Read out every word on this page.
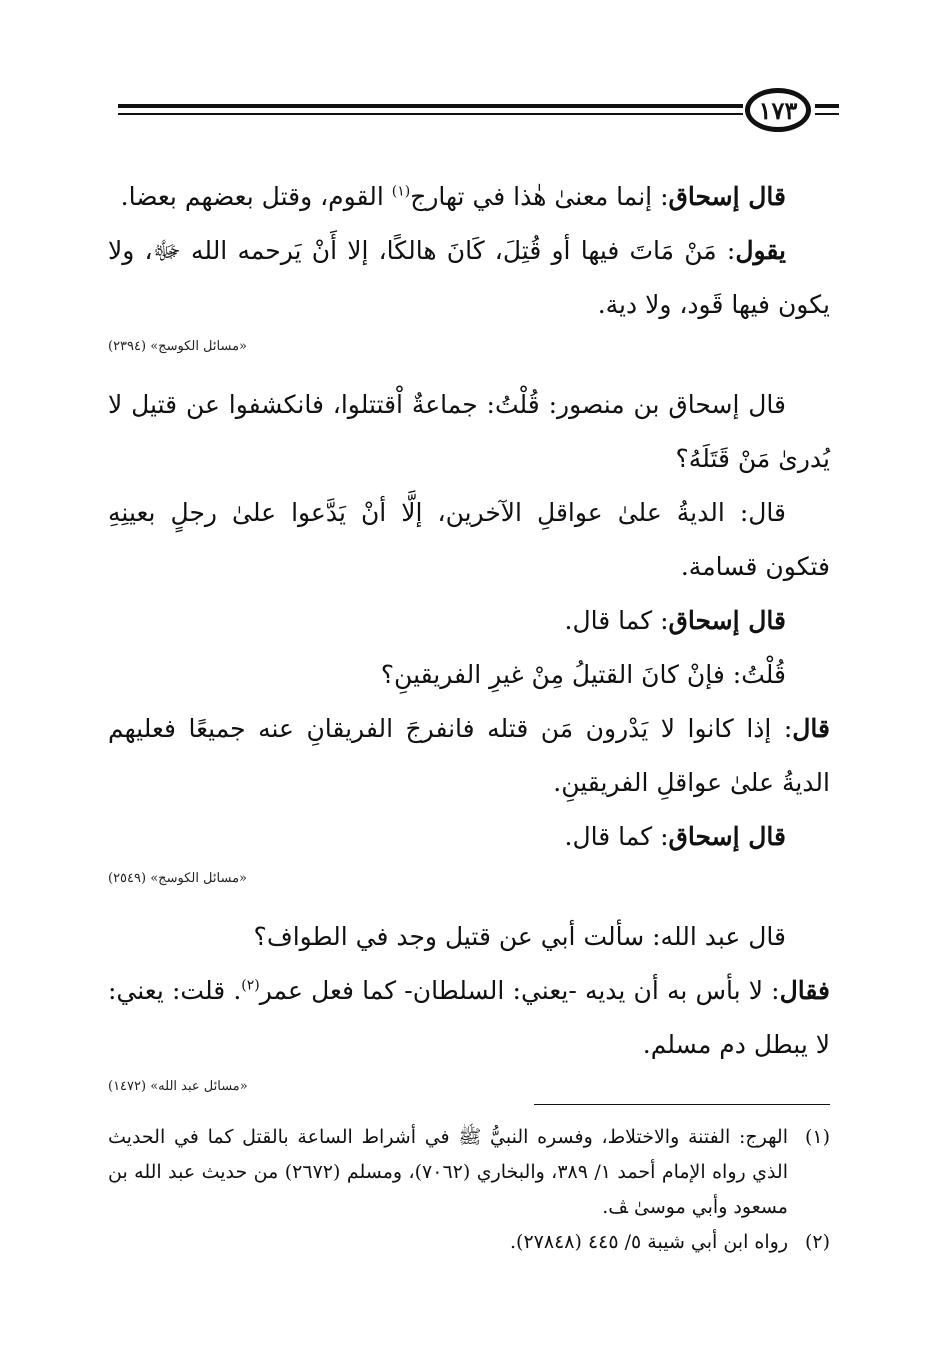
١٧٣

قال إسحاق: إنما معنىٰ هٰذا في تهارج$^{(١)}$ القوم، وقتل بعضهم بعضا.

يقول: مَنْ مَاتَ فيها أو قُتِلَ، كَانَ هالكًا، إلا أَنْ يَرحمه الله ﷻ، ولا يكون فيها قَود، ولا دية.

«مسائل الكوسج» (٢٣٩٤)

قال إسحاق بن منصور: قُلْتُ: جماعةٌ اْقتتلوا، فانكشفوا عن قتيل لا يُدرىٰ مَنْ قَتَلَهُ؟

قال: الديةُ علىٰ عواقلِ الآخرين، إلَّا أنْ يَدَّعوا علىٰ رجلٍ بعينِهِ فتكون قسامة.

قال إسحاق: كما قال.

قُلْتُ: فإنْ كانَ القتيلُ مِنْ غيرِ الفريقينِ؟

قال: إذا كانوا لا يَدْرون مَن قتله فانفرجَ الفريقانِ عنه جميعًا فعليهم الديةُ علىٰ عواقلِ الفريقينِ.

قال إسحاق: كما قال.

«مسائل الكوسج» (٢٥٤٩)

قال عبد الله: سألت أبي عن قتيل وجد في الطواف؟

فقال: لا بأس به أن يديه -يعني: السلطان- كما فعل عمر$^{(٢)}$. قلت: يعني: لا يبطل دم مسلم.

«مسائل عبد الله» (١٤٧٢)
(١)
الهرج: الفتنة والاختلاط، وفسره النبيُّ ﷺ في أشراط الساعة بالقتل كما في الحديث الذي رواه الإمام أحمد ١/ ٣٨٩، والبخاري (٧٠٦٢)، ومسلم (٢٦٧٢) من حديث عبد الله بن مسعود وأبي موسىٰ ﭫ.
(٢)
رواه ابن أبي شيبة ٥/ ٤٤٥ (٢٧٨٤٨).
